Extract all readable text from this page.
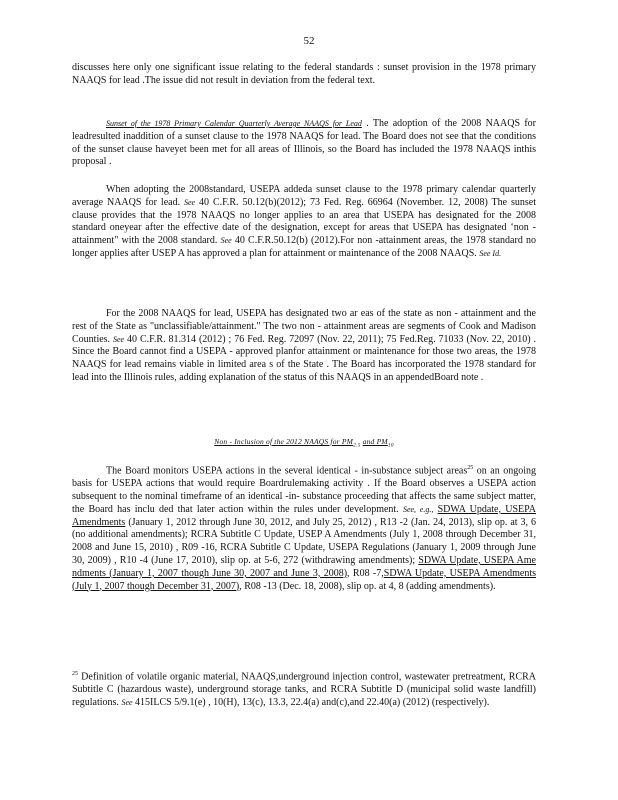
52

discusses here only one significant issue relating to the federal standards : sunset provision in the 1978 primary NAAQS for lead .The issue did not result in deviation from the federal text.

Sunset of the 1978 Primary Calendar Quarterly Average NAAQS for Lead . The adoption of the 2008 NAAQS for leadresulted inaddition of a sunset clause to the 1978 NAAQS for lead. The Board does not see that the conditions of the sunset clause haveyet been met for all areas of Illinois, so the Board has included the 1978 NAAQS inthis proposal .

When adopting the 2008standard, USEPA addeda sunset clause to the 1978 primary calendar quarterly average NAAQS for lead. See 40 C.F.R. 50.12(b)(2012); 73 Fed. Reg. 66964 (November. 12, 2008) The sunset clause provides that the 1978 NAAQS no longer applies to an area that USEPA has designated for the 2008 standard oneyear after the effective date of the designation, except for areas that USEPA has designated ‘non -attainment" with the 2008 standard. See 40 C.F.R.50.12(b) (2012).For non -attainment areas, the 1978 standard no longer applies after USEP A has approved a plan for attainment or maintenance of the 2008 NAAQS. See Id.

For the 2008 NAAQS for lead, USEPA has designated two ar eas of the state as non - attainment and the rest of the State as "unclassifiable/attainment." The two non - attainment areas are segments of Cook and Madison Counties. See 40 C.F.R. 81.314 (2012) ; 76 Fed. Reg. 72097 (Nov. 22, 2011); 75 Fed.Reg. 71033 (Nov. 22, 2010) . Since the Board cannot find a USEPA - approved planfor attainment or maintenance for those two areas, the 1978 NAAQS for lead remains viable in limited area s of the State . The Board has incorporated the 1978 standard for lead into the Illinois rules, adding explanation of the status of this NAAQS in an appendedBoard note .

Non - Inclusion of the 2012 NAAQS for $PM_{2.5}$ and $PM_{10}$

The Board monitors USEPA actions in the several identical - in-substance subject areas$^{25}$ on an ongoing basis for USEPA actions that would require Boardrulemaking activity . If the Board observes a USEPA action subsequent to the nominal timeframe of an identical -in- substance proceeding that affects the same subject matter, the Board has inclu ded that later action within the rules under development. See, e.g., SDWA Update, USEPA Amendments (January 1, 2012 through June 30, 2012, and July 25, 2012) , R13 -2 (Jan. 24, 2013), slip op. at 3, 6 (no additional amendments); RCRA Subtitle C Update, USEP A Amendments (July 1, 2008 through December 31, 2008 and June 15, 2010) , R09 -16, RCRA Subtitle C Update, USEPA Regulations (January 1, 2009 through June 30, 2009) , R10 -4 (June 17, 2010), slip op. at 5-6, 272 (withdrawing amendments); SDWA Update, USEPA Ame ndments (January 1, 2007 though June 30, 2007 and June 3, 2008), R08 -7,SDWA Update, USEPA Amendments (July 1, 2007 though December 31, 2007), R08 -13 (Dec. 18, 2008), slip op. at 4, 8 (adding amendments).

$^{25}$ Definition of volatile organic material, NAAQS,underground injection control, wastewater pretreatment, RCRA Subtitle C (hazardous waste), underground storage tanks, and RCRA Subtitle D (municipal solid waste landfill) regulations. See 415ILCS 5/9.1(e) , 10(H), 13(c), 13.3, 22.4(a) and(c),and 22.40(a) (2012) (respectively).
